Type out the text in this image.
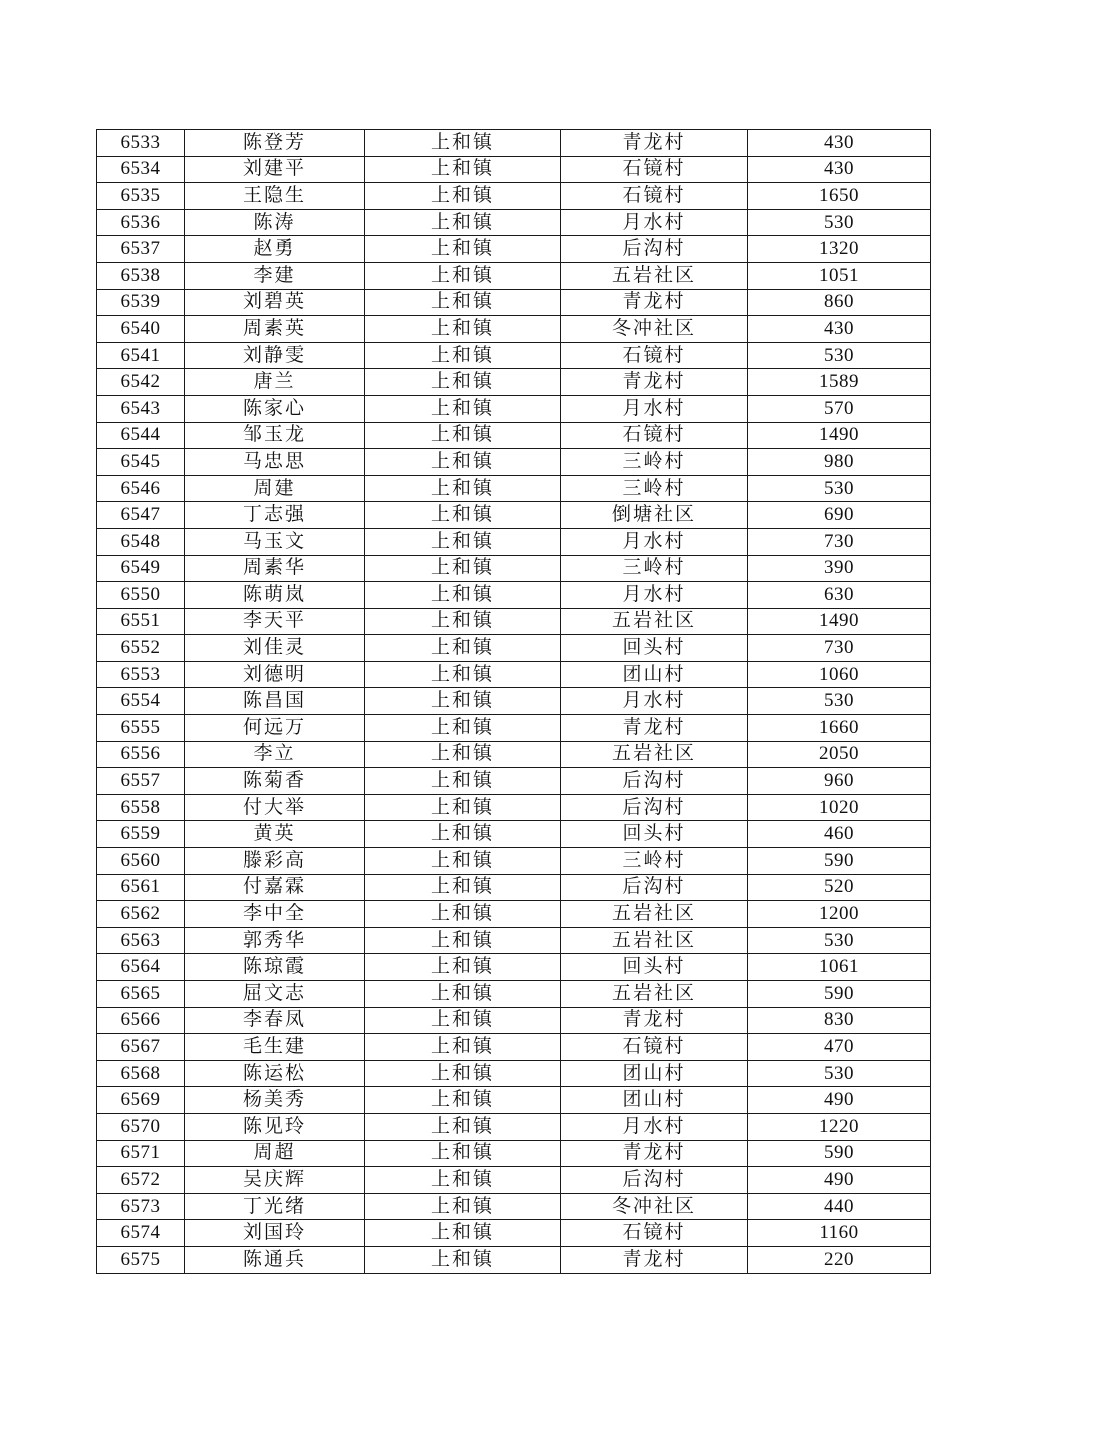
6533	陈登芳	上和镇	青龙村	430
6534	刘建平	上和镇	石镜村	430
6535	王隐生	上和镇	石镜村	1650
6536	陈涛	上和镇	月水村	530
6537	赵勇	上和镇	后沟村	1320
6538	李建	上和镇	五岩社区	1051
6539	刘碧英	上和镇	青龙村	860
6540	周素英	上和镇	冬冲社区	430
6541	刘静雯	上和镇	石镜村	530
6542	唐兰	上和镇	青龙村	1589
6543	陈家心	上和镇	月水村	570
6544	邹玉龙	上和镇	石镜村	1490
6545	马忠思	上和镇	三岭村	980
6546	周建	上和镇	三岭村	530
6547	丁志强	上和镇	倒塘社区	690
6548	马玉文	上和镇	月水村	730
6549	周素华	上和镇	三岭村	390
6550	陈萌岚	上和镇	月水村	630
6551	李天平	上和镇	五岩社区	1490
6552	刘佳灵	上和镇	回头村	730
6553	刘德明	上和镇	团山村	1060
6554	陈昌国	上和镇	月水村	530
6555	何远万	上和镇	青龙村	1660
6556	李立	上和镇	五岩社区	2050
6557	陈菊香	上和镇	后沟村	960
6558	付大举	上和镇	后沟村	1020
6559	黄英	上和镇	回头村	460
6560	滕彩高	上和镇	三岭村	590
6561	付嘉霖	上和镇	后沟村	520
6562	李中全	上和镇	五岩社区	1200
6563	郭秀华	上和镇	五岩社区	530
6564	陈琼霞	上和镇	回头村	1061
6565	屈文志	上和镇	五岩社区	590
6566	李春凤	上和镇	青龙村	830
6567	毛生建	上和镇	石镜村	470
6568	陈运松	上和镇	团山村	530
6569	杨美秀	上和镇	团山村	490
6570	陈见玲	上和镇	月水村	1220
6571	周超	上和镇	青龙村	590
6572	吴庆辉	上和镇	后沟村	490
6573	丁光绪	上和镇	冬冲社区	440
6574	刘国玲	上和镇	石镜村	1160
6575	陈通兵	上和镇	青龙村	220
